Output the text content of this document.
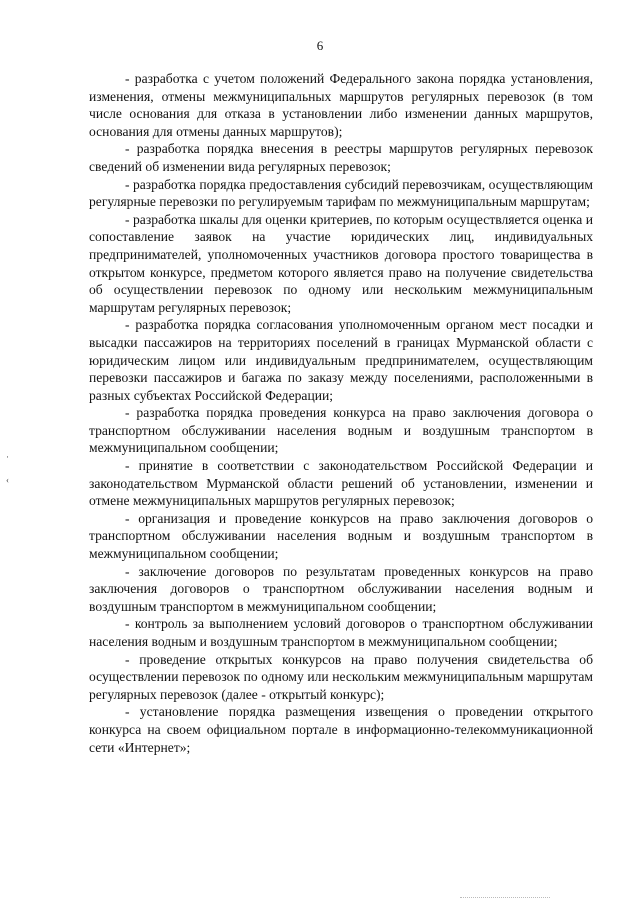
6
·
‹

- разработка с учетом положений Федерального закона порядка установления, изменения, отмены межмуниципальных маршрутов регулярных перевозок (в том числе основания для отказа в установлении либо изменении данных маршрутов, основания для отмены данных маршрутов);

- разработка порядка внесения в реестры маршрутов регулярных перевозок сведений об изменении вида регулярных перевозок;

- разработка порядка предоставления субсидий перевозчикам, осуществляющим регулярные перевозки по регулируемым тарифам по межмуниципальным маршрутам;

- разработка шкалы для оценки критериев, по которым осуществляется оценка и сопоставление заявок на участие юридических лиц, индивидуальных предпринимателей, уполномоченных участников договора простого товарищества в открытом конкурсе, предметом которого является право на получение свидетельства об осуществлении перевозок по одному или нескольким межмуниципальным маршрутам регулярных перевозок;

- разработка порядка согласования уполномоченным органом мест посадки и высадки пассажиров на территориях поселений в границах Мурманской области с юридическим лицом или индивидуальным предпринимателем, осуществляющим перевозки пассажиров и багажа по заказу между поселениями, расположенными в разных субъектах Российской Федерации;

- разработка порядка проведения конкурса на право заключения договора о транспортном обслуживании населения водным и воздушным транспортом в межмуниципальном сообщении;

- принятие в соответствии с законодательством Российской Федерации и законодательством Мурманской области решений об установлении, изменении и отмене межмуниципальных маршрутов регулярных перевозок;

- организация и проведение конкурсов на право заключения договоров о транспортном обслуживании населения водным и воздушным транспортом в межмуниципальном сообщении;

- заключение договоров по результатам проведенных конкурсов на право заключения договоров о транспортном обслуживании населения водным и воздушным транспортом в межмуниципальном сообщении;

- контроль за выполнением условий договоров о транспортном обслуживании населения водным и воздушным транспортом в межмуниципальном сообщении;

- проведение открытых конкурсов на право получения свидетельства об осуществлении перевозок по одному или нескольким межмуниципальным маршрутам регулярных перевозок (далее - открытый конкурс);

- установление порядка размещения извещения о проведении открытого конкурса на своем официальном портале в информационно-телекоммуникационной сети «Интернет»;
